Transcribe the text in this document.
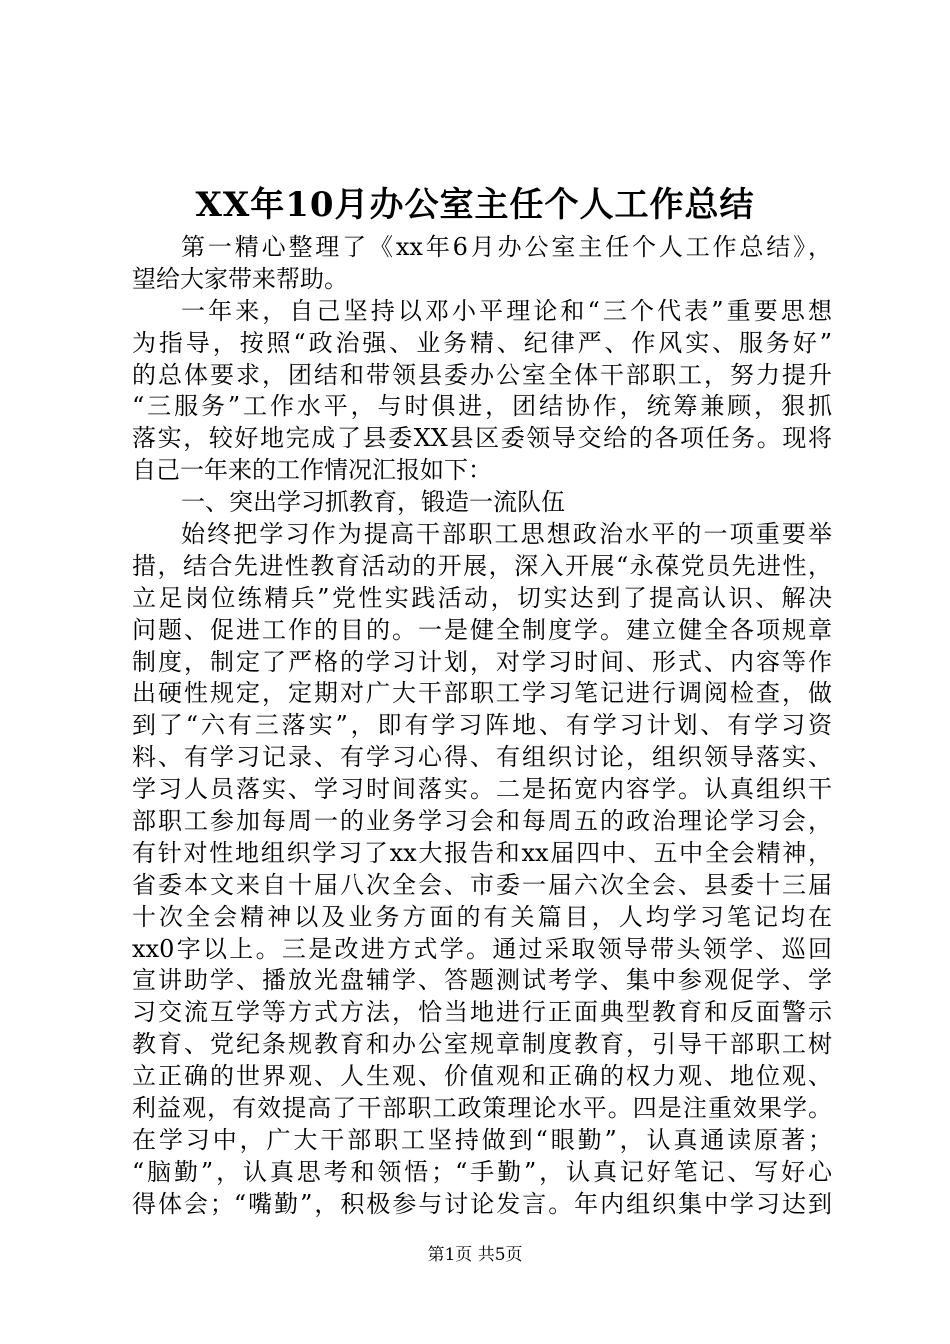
XX年10月办公室主任个人工作总结
第一精心整理了《xx年6月办公室主任个人工作总结》，
望给大家带来帮助。
一年来，自己坚持以邓小平理论和“三个代表”重要思想
为指导，按照“政治强、业务精、纪律严、作风实、服务好”
的总体要求，团结和带领县委办公室全体干部职工，努力提升
“三服务”工作水平，与时俱进，团结协作，统筹兼顾，狠抓
落实，较好地完成了县委XX县区委领导交给的各项任务。现将
自己一年来的工作情况汇报如下：
一、突出学习抓教育，锻造一流队伍
始终把学习作为提高干部职工思想政治水平的一项重要举
措，结合先进性教育活动的开展，深入开展“永葆党员先进性，
立足岗位练精兵”党性实践活动，切实达到了提高认识、解决
问题、促进工作的目的。一是健全制度学。建立健全各项规章
制度，制定了严格的学习计划，对学习时间、形式、内容等作
出硬性规定，定期对广大干部职工学习笔记进行调阅检查，做
到了“六有三落实”，即有学习阵地、有学习计划、有学习资
料、有学习记录、有学习心得、有组织讨论，组织领导落实、
学习人员落实、学习时间落实。二是拓宽内容学。认真组织干
部职工参加每周一的业务学习会和每周五的政治理论学习会，
有针对性地组织学习了xx大报告和xx届四中、五中全会精神，
省委本文来自十届八次全会、市委一届六次全会、县委十三届
十次全会精神以及业务方面的有关篇目，人均学习笔记均在
xx0字以上。三是改进方式学。通过采取领导带头领学、巡回
宣讲助学、播放光盘辅学、答题测试考学、集中参观促学、学
习交流互学等方式方法，恰当地进行正面典型教育和反面警示
教育、党纪条规教育和办公室规章制度教育，引导干部职工树
立正确的世界观、人生观、价值观和正确的权力观、地位观、
利益观，有效提高了干部职工政策理论水平。四是注重效果学。
在学习中，广大干部职工坚持做到“眼勤”，认真通读原著；
“脑勤”，认真思考和领悟；“手勤”，认真记好笔记、写好心
得体会；“嘴勤”，积极参与讨论发言。年内组织集中学习达到
第1页 共5页
